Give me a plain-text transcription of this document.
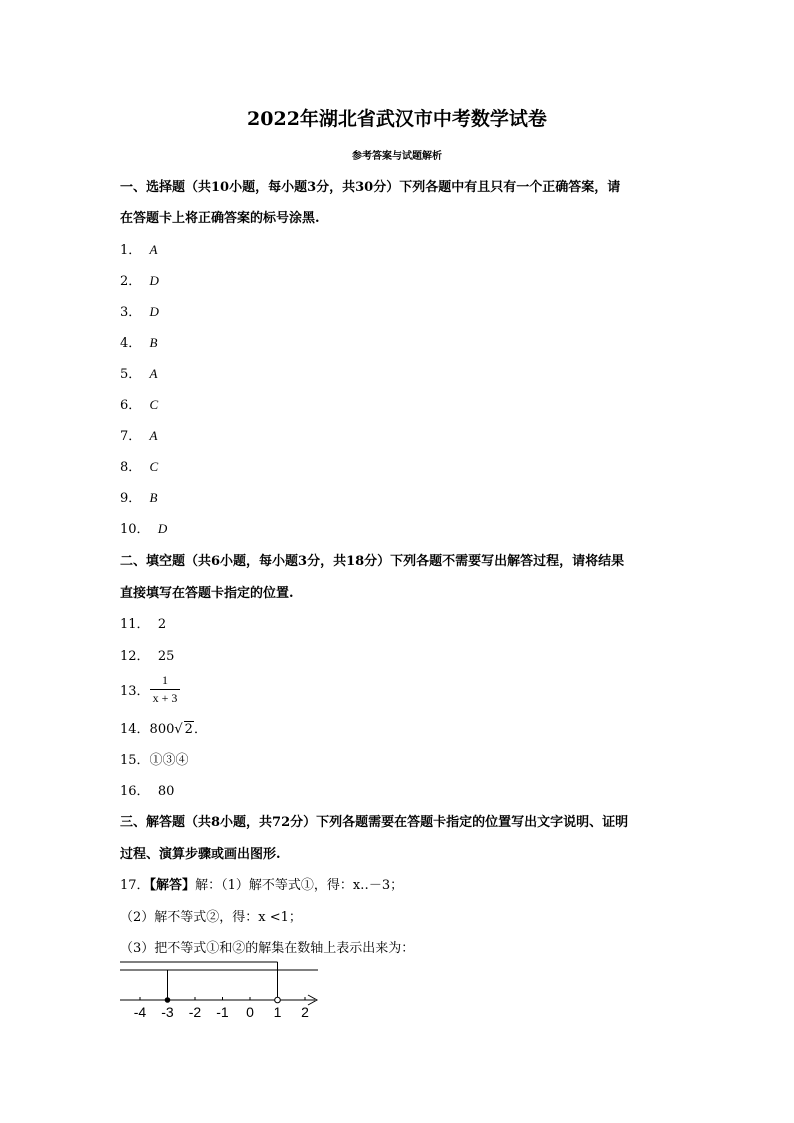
2022年湖北省武汉市中考数学试卷
参考答案与试题解析
一、选择题（共10小题，每小题3分，共30分）下列各题中有且只有一个正确答案，请
在答题卡上将正确答案的标号涂黑.
1． A
2． D
3． D
4． B
5． A
6． C
7． A
8． C
9． B
10． D
二、填空题（共6小题，每小题3分，共18分）下列各题不需要写出解答过程，请将结果
直接填写在答题卡指定的位置.
11． 2
12． 25
13．
1
x + 3
14．800√ 2．
15．①③④
16． 80
三、解答题（共8小题，共72分）下列各题需要在答题卡指定的位置写出文字说明、证明
过程、演算步骤或画出图形.
17．【解答】解：（1）解不等式①，得：x‥－3；
（2）解不等式②，得：x <1；
（3）把不等式①和②的解集在数轴上表示出来为：
-4 -3 -2 -1 0 1 2
